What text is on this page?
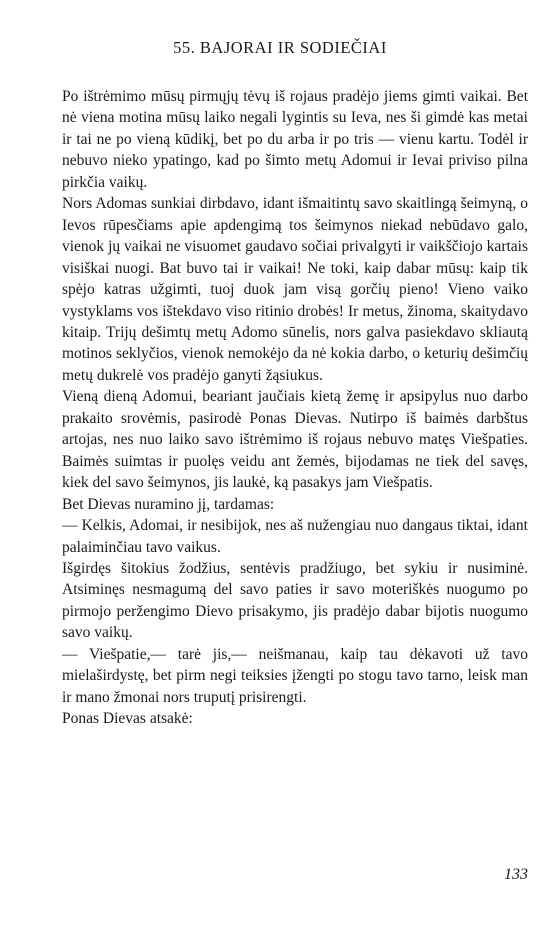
55. BAJORAI IR SODIEČIAI

Po ištrėmimo mūsų pirmųjų tėvų iš rojaus pradėjo jiems gimti vaikai. Bet nė viena motina mūsų laiko negali lygintis su Ieva, nes ši gimdė kas metai ir tai ne po vieną kūdikį, bet po du arba ir po tris — vienu kartu. Todėl ir nebuvo nieko ypatingo, kad po šimto metų Adomui ir Ievai priviso pilna pirkčia vaikų.

Nors Adomas sunkiai dirbdavo, idant išmaitintų savo skaitlingą šeimyną, o Ievos rūpesčiams apie apdengimą tos šeimynos niekad nebūdavo galo, vienok jų vaikai ne visuomet gaudavo sočiai privalgyti ir vaikščiojo kartais visiškai nuogi. Bat buvo tai ir vaikai! Ne toki, kaip dabar mūsų: kaip tik spėjo katras užgimti, tuoj duok jam visą gorčių pieno! Vieno vaiko vystyklams vos ištekdavo viso ritinio drobės! Ir metus, žinoma, skaitydavo kitaip. Trijų dešimtų metų Adomo sūnelis, nors galva pasiekdavo skliautą motinos seklyčios, vienok nemokėjo da nė kokia darbo, o keturių dešimčių metų dukrelė vos pradėjo ganyti žąsiukus.

Vieną dieną Adomui, beariant jaučiais kietą žemę ir apsipylus nuo darbo prakaito srovėmis, pasirodė Ponas Dievas. Nutirpo iš baimės darbštus artojas, nes nuo laiko savo ištrėmimo iš rojaus nebuvo matęs Viešpaties. Baimės suimtas ir puolęs veidu ant žemės, bijodamas ne tiek del savęs, kiek del savo šeimynos, jis laukė, ką pasakys jam Viešpatis.

Bet Dievas nuramino jį, tardamas:

— Kelkis, Adomai, ir nesibijok, nes aš nužengiau nuo dangaus tiktai, idant palaiminčiau tavo vaikus.

Išgirdęs šitokius žodžius, sentėvis pradžiugo, bet sykiu ir nusiminė. Atsiminęs nesmagumą del savo paties ir savo moteriškės nuogumo po pirmojo peržengimo Dievo prisakymo, jis pradėjo dabar bijotis nuogumo savo vaikų.

— Viešpatie,— tarė jis,— neišmanau, kaip tau dėkavoti už tavo mielaširdystę, bet pirm negi teiksies įžengti po stogu tavo tarno, leisk man ir mano žmonai nors truputį prisirengti.

Ponas Dievas atsakė:

133
